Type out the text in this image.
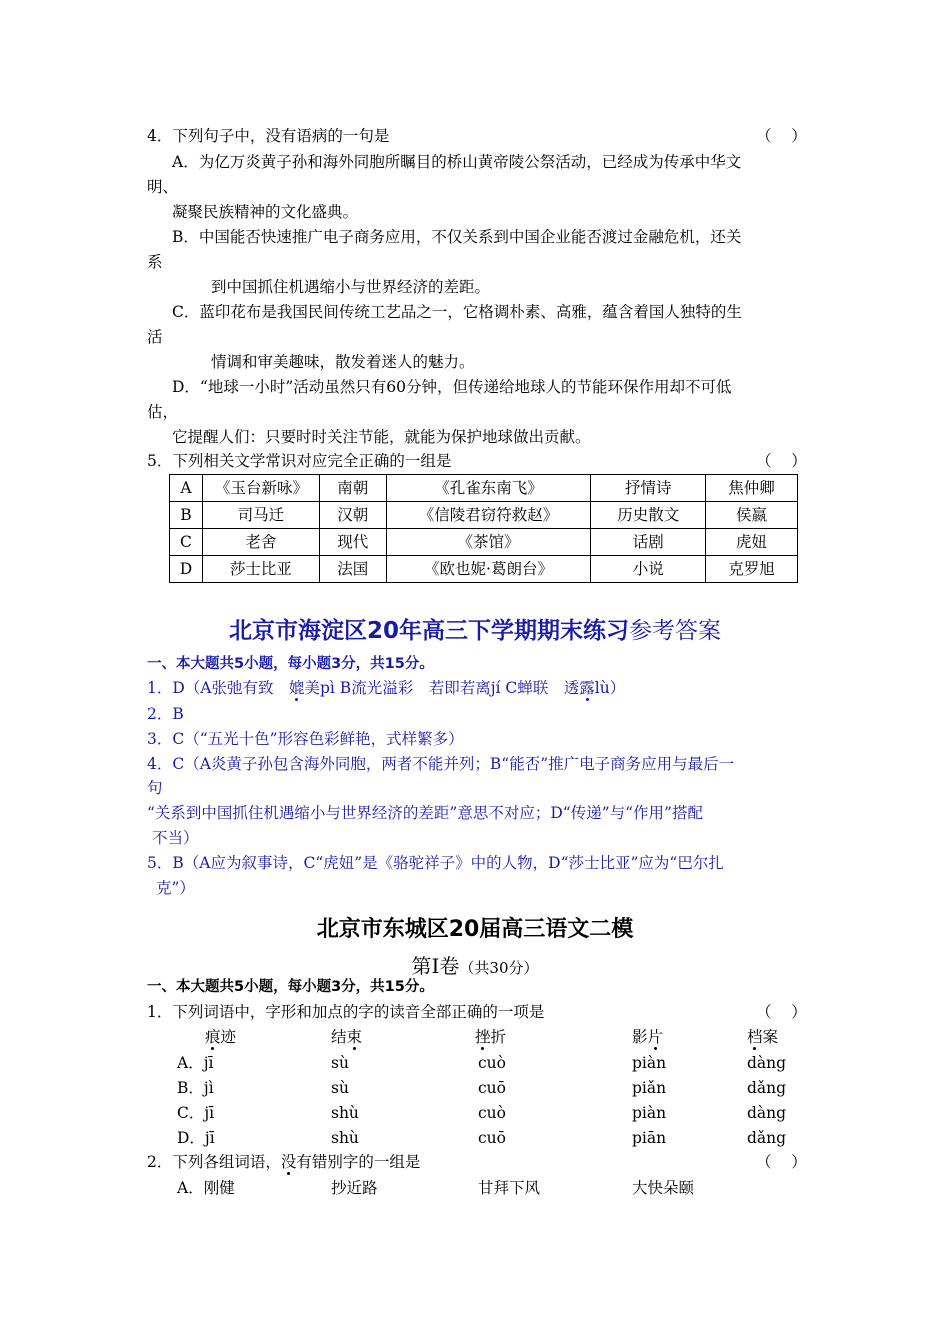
4．下列句子中，没有语病的一句是	（    ）
A．为亿万炎黄子孙和海外同胞所瞩目的桥山黄帝陵公祭活动，已经成为传承中华文
明、
凝聚民族精神的文化盛典。
B．中国能否快速推广电子商务应用，不仅关系到中国企业能否渡过金融危机，还关
系
到中国抓住机遇缩小与世界经济的差距。
C．蓝印花布是我国民间传统工艺品之一，它格调朴素、高雅，蕴含着国人独特的生
活
情调和审美趣味，散发着迷人的魅力。
D．“地球一小时”活动虽然只有60分钟，但传递给地球人的节能环保作用却不可低
估，
它提醒人们：只要时时关注节能，就能为保护地球做出贡献。
5．下列相关文学常识对应完全正确的一组是	（    ）
A	《玉台新咏》	南朝	《孔雀东南飞》	抒情诗	焦仲卿
B	司马迁	汉朝	《信陵君窃符救赵》	历史散文	侯嬴
C	老舍	现代	《茶馆》	话剧	虎妞
D	莎士比亚	法国	《欧也妮·葛朗台》	小说	克罗旭
北京市海淀区20年高三下学期期末练习参考答案
一、本大题共5小题，每小题3分，共15分。
1．D（A张弛有致　媲美pì B流光溢彩　若即若离jí C蝉联　透露lù）
2．B
3．C（“五光十色”形容色彩鲜艳，式样繁多）
4．C（A炎黄子孙包含海外同胞，两者不能并列；B“能否”推广电子商务应用与最后一
句
“关系到中国抓住机遇缩小与世界经济的差距”意思不对应；D“传递”与“作用”搭配
不当）
5．B（A应为叙事诗，C“虎妞”是《骆驼祥子》中的人物，D“莎士比亚”应为“巴尔扎
克”）
北京市东城区20届高三语文二模
第Ⅰ卷（共30分）
一、本大题共5小题，每小题3分，共15分。
1．下列词语中，字形和加点的字的读音全部正确的一项是	（    ）
痕迹	结束	挫折	影片	档案
A．jī	sù	cuò	piàn	dàng
B．jì	sù	cuō	piǎn	dǎng
C．jī	shù	cuò	piàn	dàng
D．jī	shù	cuō	piān	dǎng
2．下列各组词语，没有错别字的一组是	（    ）
A．刚健	抄近路	甘拜下风	大快朵颐
